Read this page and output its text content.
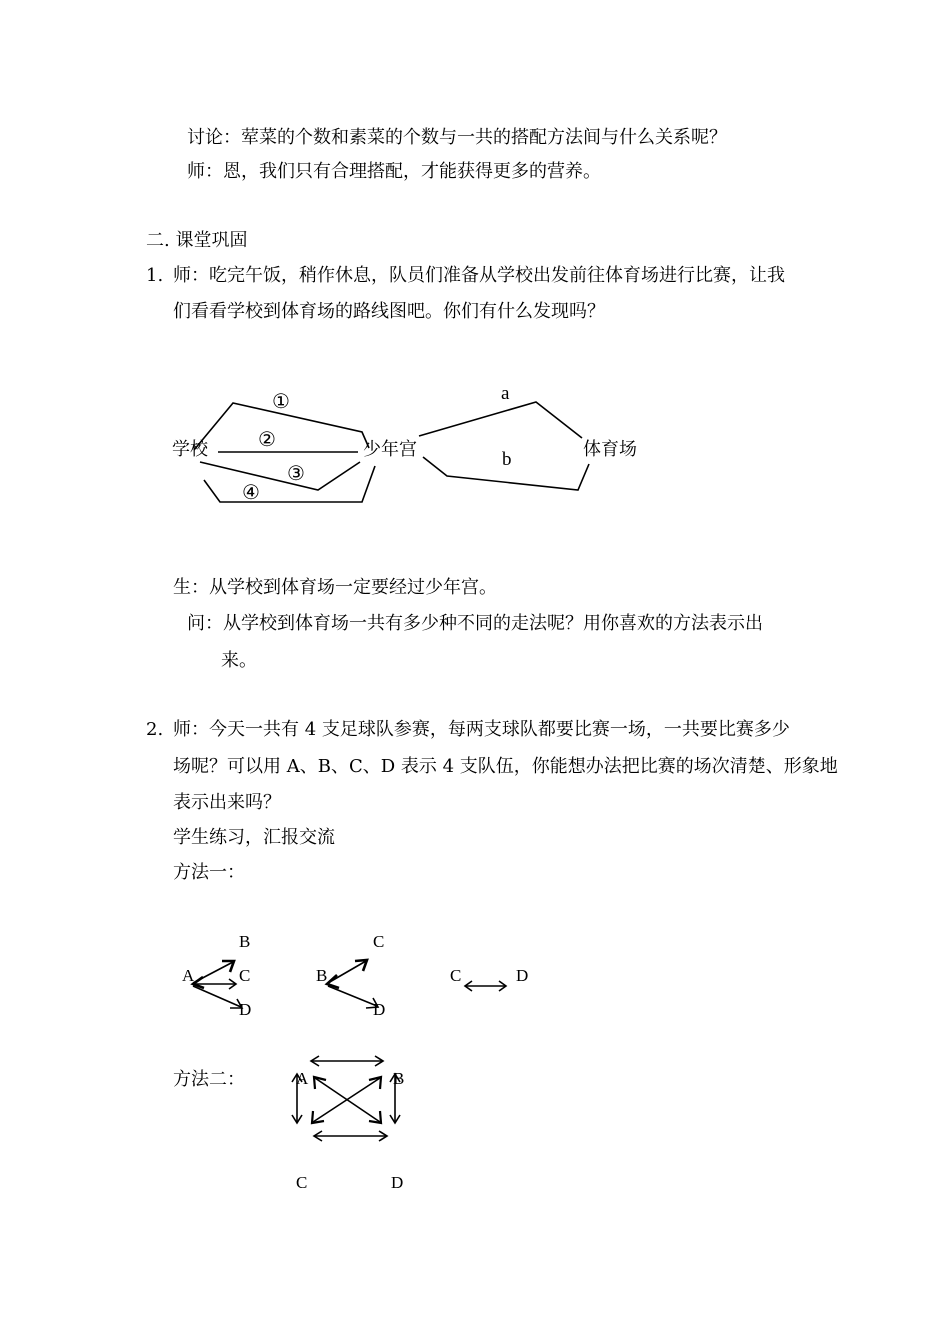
讨论：荤菜的个数和素菜的个数与一共的搭配方法间与什么关系呢？
师：恩，我们只有合理搭配，才能获得更多的营养。
二. 课堂巩固
1. 师：吃完午饭，稍作休息，队员们准备从学校出发前往体育场进行比赛，让我
们看看学校到体育场的路线图吧。你们有什么发现吗？
学校	少年宫	体育场
①
②
③
④
a
b
生：从学校到体育场一定要经过少年宫。
问：从学校到体育场一共有多少种不同的走法呢？用你喜欢的方法表示出
来。
2. 师：今天一共有 4 支足球队参赛，每两支球队都要比赛一场，一共要比赛多少
场呢？可以用 A、B、C、D 表示 4 支队伍，你能想办法把比赛的场次清楚、形象地
表示出来吗？
学生练习，汇报交流
方法一：
A
B
C
D
B
C
D
C	D
方法二：	A	B
C	D
